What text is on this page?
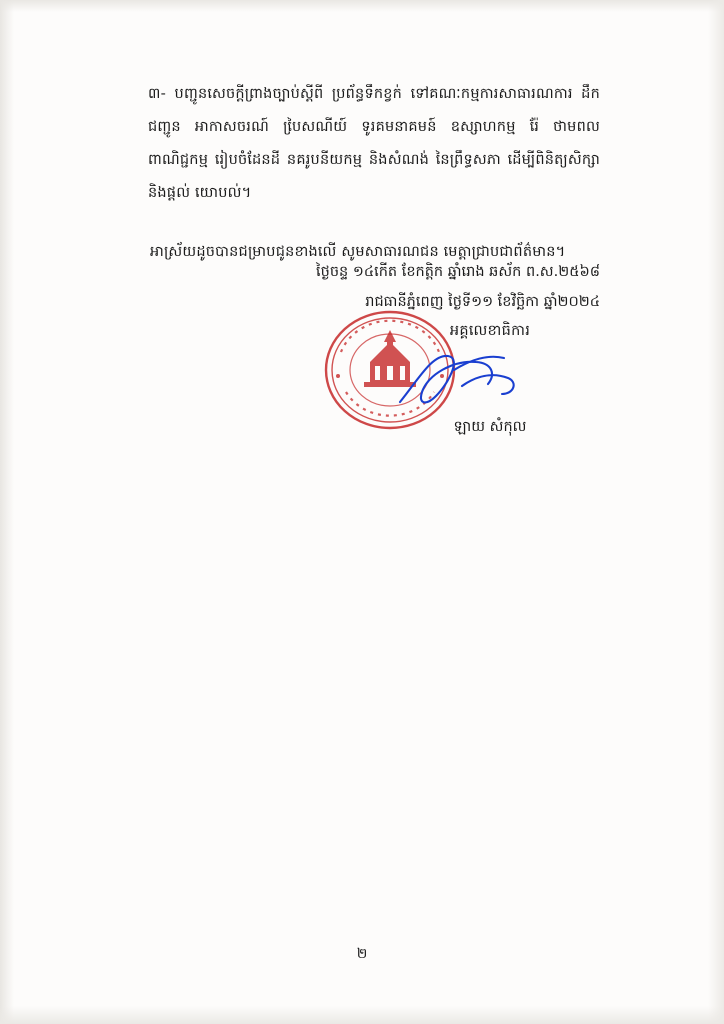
៣- បញ្ជូនសេចក្ដីព្រាងច្បាប់ស្ដីពី ប្រព័ន្ធទឹកខ្វក់ ទៅគណៈកម្មការសាធារណការ ដឹកជញ្ជូន អាកាសចរណ៍ បៃ្រសណីយ៍ ទូរគមនាគមន៍ ឧស្សាហកម្ម រ៉ែ ថាមពល ពាណិជ្ជកម្ម រៀបចំដែនដី នគរូបនីយកម្ម និងសំណង់ នៃព្រឹទ្ធសភា ដើម្បីពិនិត្យសិក្សា និងផ្ដល់ យោបល់។
អាស្រ័យដូចបានជម្រាបជូនខាងលើ សូមសាធារណជន មេត្តាជ្រាបជាព័ត៌មាន។
ថ្ងៃចន្ទ ១៤កើត ខែកត្តិក ឆ្នាំរោង ឆស័ក ព.ស.២៥៦៨
រាជធានីភ្នំពេញ ថ្ងៃទី១១ ខែវិច្ឆិកា ឆ្នាំ២០២៤
អគ្គលេខាធិការ
ឡាយ សំកុល
២
